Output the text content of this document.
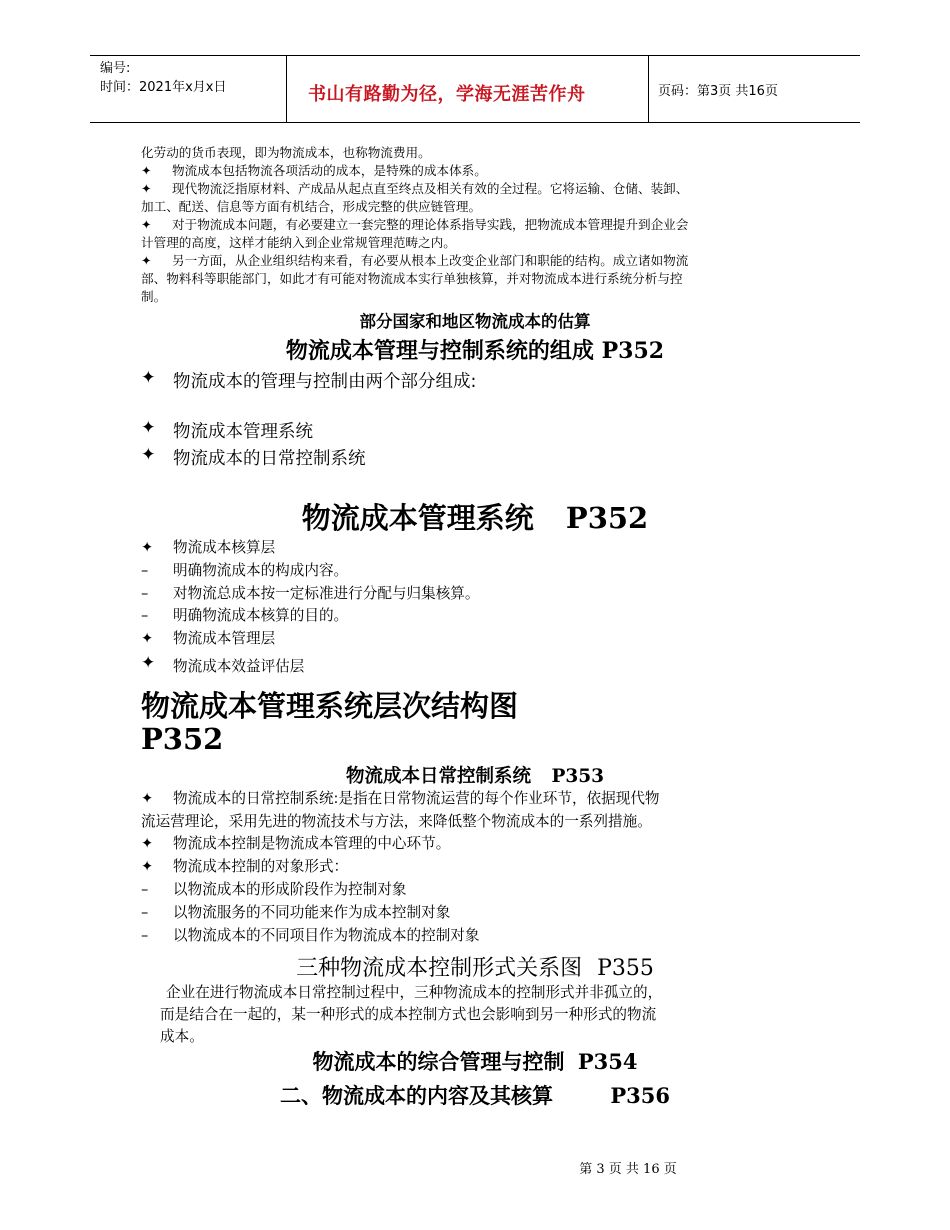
编号:
时间：2021年x月x日	书山有路勤为径，学海无涯苦作舟	页码：第3页 共16页
化劳动的货币表现，即为物流成本，也称物流费用。
✦	物流成本包括物流各项活动的成本，是特殊的成本体系。
✦	现代物流泛指原材料、产成品从起点直至终点及相关有效的全过程。它将运输、仓储、装卸、
加工、配送、信息等方面有机结合，形成完整的供应链管理。
✦	对于物流成本问题，有必要建立一套完整的理论体系指导实践，把物流成本管理提升到企业会
计管理的高度，这样才能纳入到企业常规管理范畴之内。
✦	另一方面，从企业组织结构来看，有必要从根本上改变企业部门和职能的结构。成立诸如物流
部、物料科等职能部门，如此才有可能对物流成本实行单独核算，并对物流成本进行系统分析与控
制。
部分国家和地区物流成本的估算
物流成本管理与控制系统的组成 P352
✦ 物流成本的管理与控制由两个部分组成:
✦ 物流成本管理系统
✦ 物流成本的日常控制系统
物流成本管理系统 P352
✦	物流成本核算层
–	明确物流成本的构成内容。
–	对物流总成本按一定标准进行分配与归集核算。
–	明确物流成本核算的目的。
✦	物流成本管理层
✦	物流成本效益评估层
物流成本管理系统层次结构图
P352
物流成本日常控制系统 P353
✦	物流成本的日常控制系统:是指在日常物流运营的每个作业环节，依据现代物
流运营理论，采用先进的物流技术与方法，来降低整个物流成本的一系列措施。
✦	物流成本控制是物流成本管理的中心环节。
✦	物流成本控制的对象形式：
–	以物流成本的形成阶段作为控制对象
–	以物流服务的不同功能来作为成本控制对象
–	以物流成本的不同项目作为物流成本的控制对象
三种物流成本控制形式关系图 P355
企业在进行物流成本日常控制过程中，三种物流成本的控制形式并非孤立的，
而是结合在一起的，某一种形式的成本控制方式也会影响到另一种形式的物流
成本。
物流成本的综合管理与控制 P354
二、物流成本的内容及其核算	P356
第 3 页 共 16 页
